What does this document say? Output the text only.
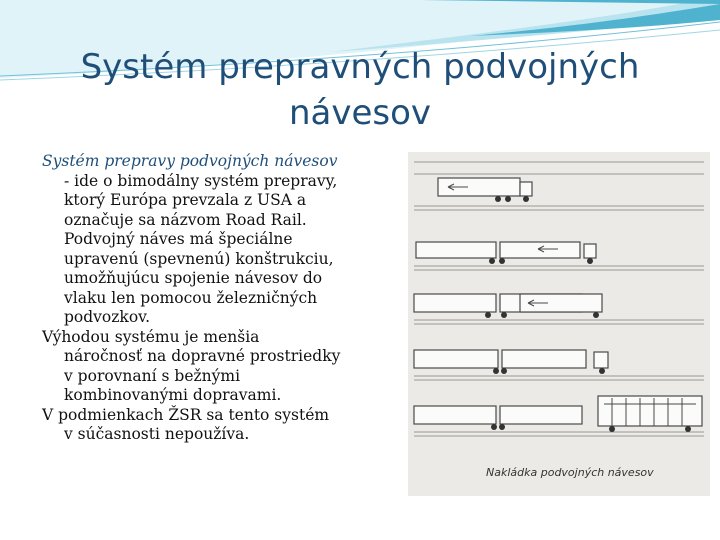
Systém prepravných podvojných návesov

Systém prepravy podvojných návesov - ide o bimodálny systém prepravy, ktorý Európa prevzala z USA a označuje sa názvom Road Rail. Podvojný náves má špeciálne upravenú (spevnenú) konštrukciu, umožňujúcu spojenie návesov do vlaku len pomocou železničných podvozkov.

Výhodou systému je menšia náročnosť na dopravné prostriedky v porovnaní s bežnými kombinovanými dopravami.

V podmienkach ŽSR sa tento systém v súčasnosti nepoužíva.

Nakládka podvojných návesov
